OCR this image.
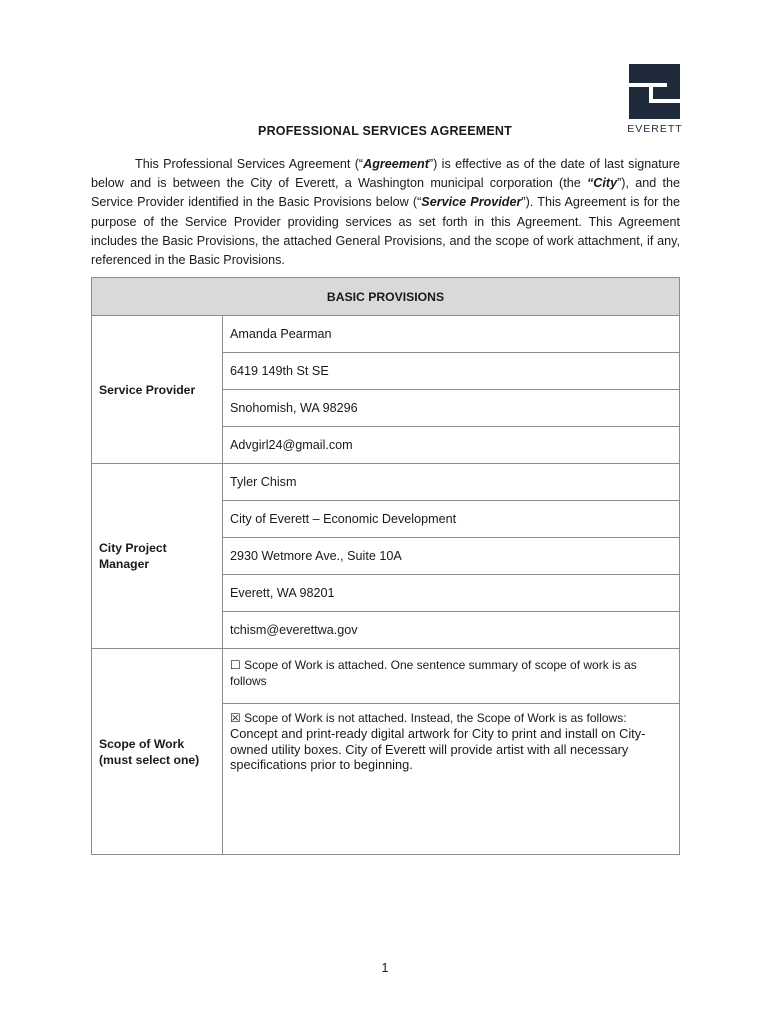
EVERETT
PROFESSIONAL SERVICES AGREEMENT

This Professional Services Agreement (“Agreement”) is effective as of the date of last signature below and is between the City of Everett, a Washington municipal corporation (the “City”), and the Service Provider identified in the Basic Provisions below (“Service Provider”). This Agreement is for the purpose of the Service Provider providing services as set forth in this Agreement. This Agreement includes the Basic Provisions, the attached General Provisions, and the scope of work attachment, if any, referenced in the Basic Provisions.

BASIC PROVISIONS	
Service Provider	Amanda Pearman
	6419 149th St SE
	Snohomish, WA 98296
	Advgirl24@gmail.com
City Project
Manager	Tyler Chism
	City of Everett – Economic Development
	2930 Wetmore Ave., Suite 10A
	Everett, WA 98201
	tchism@everettwa.gov
Scope of Work
(must select one)	☐ Scope of Work is attached. One sentence summary of scope of work is as follows

	☒ Scope of Work is not attached. Instead, the Scope of Work is as follows:
Concept and print-ready digital artwork for City to print and install on City-owned utility boxes. City of Everett will provide artist with all necessary specifications prior to beginning.
1
